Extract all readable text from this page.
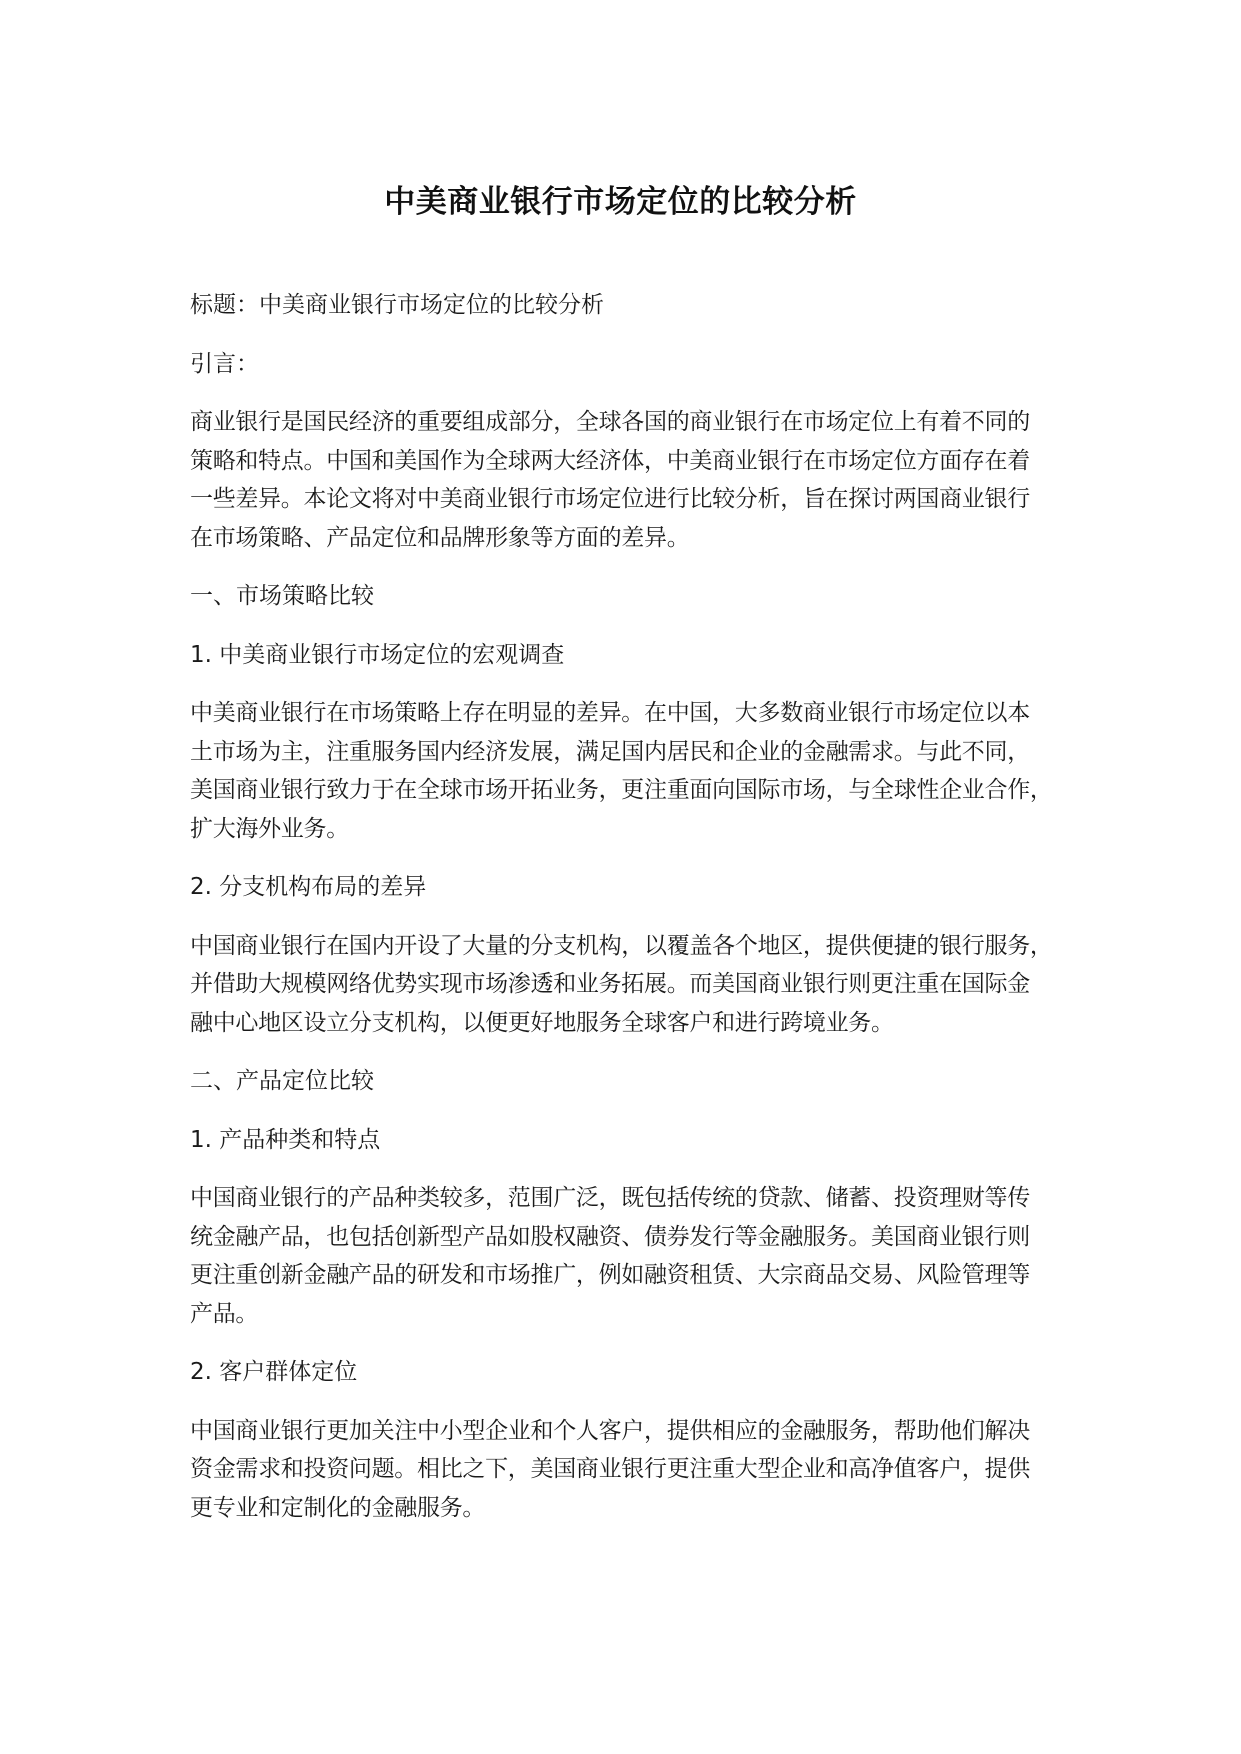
中美商业银行市场定位的比较分析

标题：中美商业银行市场定位的比较分析

引言：

商业银行是国民经济的重要组成部分，全球各国的商业银行在市场定位上有着不同的
策略和特点。中国和美国作为全球两大经济体，中美商业银行在市场定位方面存在着
一些差异。本论文将对中美商业银行市场定位进行比较分析，旨在探讨两国商业银行
在市场策略、产品定位和品牌形象等方面的差异。

一、市场策略比较

1. 中美商业银行市场定位的宏观调查

中美商业银行在市场策略上存在明显的差异。在中国，大多数商业银行市场定位以本
土市场为主，注重服务国内经济发展，满足国内居民和企业的金融需求。与此不同，
美国商业银行致力于在全球市场开拓业务，更注重面向国际市场，与全球性企业合作，
扩大海外业务。

2. 分支机构布局的差异

中国商业银行在国内开设了大量的分支机构，以覆盖各个地区，提供便捷的银行服务，
并借助大规模网络优势实现市场渗透和业务拓展。而美国商业银行则更注重在国际金
融中心地区设立分支机构，以便更好地服务全球客户和进行跨境业务。

二、产品定位比较

1. 产品种类和特点

中国商业银行的产品种类较多，范围广泛，既包括传统的贷款、储蓄、投资理财等传
统金融产品，也包括创新型产品如股权融资、债券发行等金融服务。美国商业银行则
更注重创新金融产品的研发和市场推广，例如融资租赁、大宗商品交易、风险管理等
产品。

2. 客户群体定位

中国商业银行更加关注中小型企业和个人客户，提供相应的金融服务，帮助他们解决
资金需求和投资问题。相比之下，美国商业银行更注重大型企业和高净值客户，提供
更专业和定制化的金融服务。
